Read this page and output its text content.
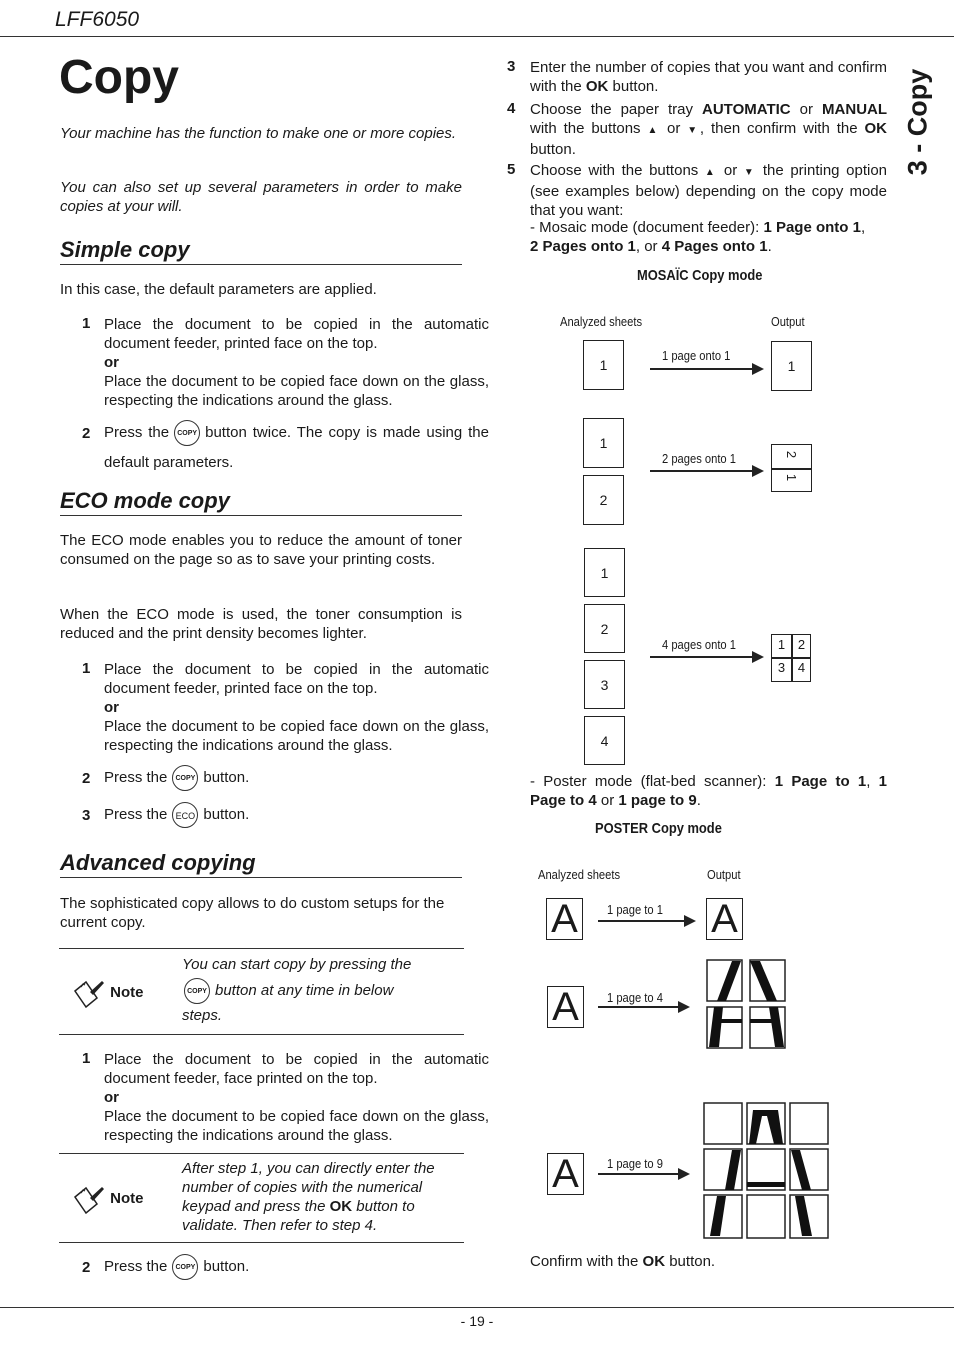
LFF6050
3 - Copy
- 19 -
Copy
Your machine has the function to make one or more copies.
You can also set up several parameters in order to make copies at your will.
Simple copy
In this case, the default parameters are applied.
1 Place the document to be copied in the automatic document feeder, printed face on the top.
or
Place the document to be copied face down on the glass, respecting the indications around the glass.
2 Press the COPY button twice. The copy is made using the default parameters.
ECO mode copy
The ECO mode enables you to reduce the amount of toner consumed on the page so as to save your printing costs.
When the ECO mode is used, the toner consumption is reduced and the print density becomes lighter.
1 Place the document to be copied in the automatic document feeder, printed face on the top.
or
Place the document to be copied face down on the glass, respecting the indications around the glass.
2 Press the COPY button.
3 Press the ECO button.
Advanced copying
The sophisticated copy allows to do custom setups for the current copy.
Note
You can start copy by pressing the
COPY button at any time in below
steps.
1 Place the document to be copied in the automatic document feeder, face printed on the top.
or
Place the document to be copied face down on the glass, respecting the indications around the glass.
Note
After step 1, you can directly enter the number of copies with the numerical keypad and press the OK button to validate. Then refer to step 4.
2 Press the COPY button.
3 Enter the number of copies that you want and confirm with the OK button.
4 Choose the paper tray AUTOMATIC or MANUAL with the buttons ▲ or ▼, then confirm with the OK button.
5 Choose with the buttons ▲ or ▼ the printing option (see examples below) depending on the copy mode that you want:
- Mosaic mode (document feeder): 1 Page onto 1,
2 Pages onto 1, or 4 Pages onto 1.
MOSAÏC Copy mode
Analyzed sheets	Output
1
1 page onto 1
1
1
2
2 pages onto 1	2
1
1
2
3
4
4 pages onto 1	1 2
3 4
- Poster mode (flat-bed scanner): 1 Page to 1, 1 Page to 4 or 1 page to 9.
POSTER Copy mode
Analyzed sheets	Output
A	1 page to 1 A
A	1 page to 4
A	1 page to 9
Confirm with the OK button.
